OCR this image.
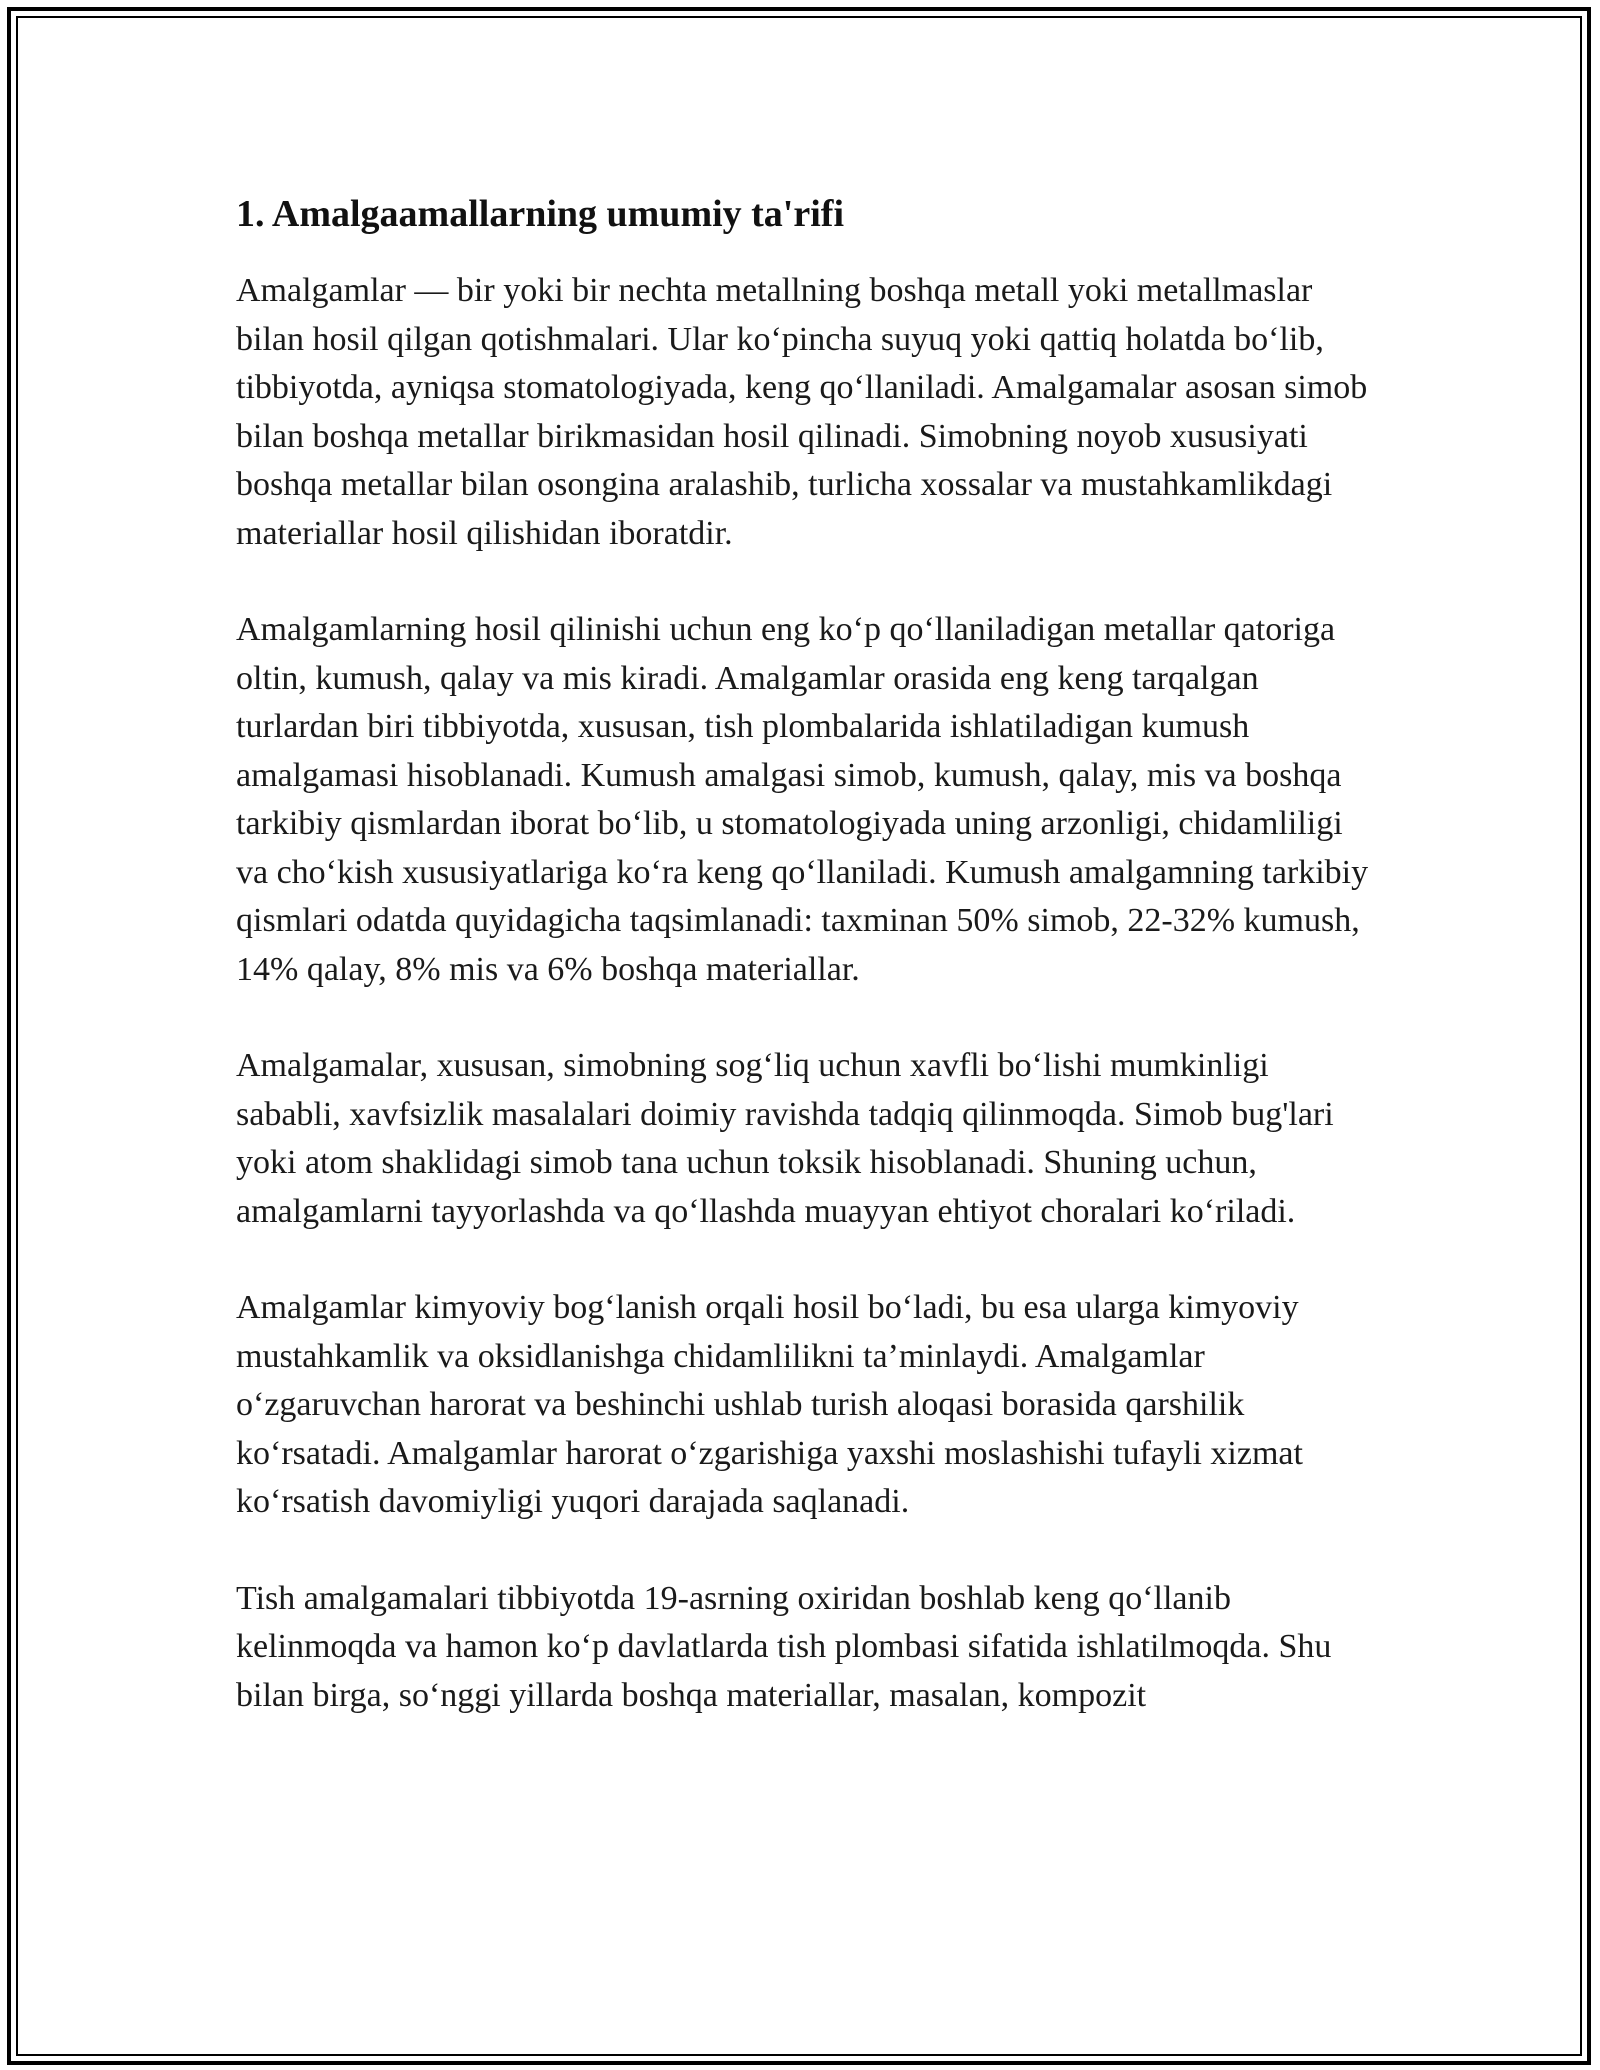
1. Amalgaamallarning umumiy ta'rifi

Amalgamlar — bir yoki bir nechta metallning boshqa metall yoki metallmaslar bilan hosil qilgan qotishmalari. Ular ko‘pincha suyuq yoki qattiq holatda bo‘lib, tibbiyotda, ayniqsa stomatologiyada, keng qo‘llaniladi. Amalgamalar asosan simob bilan boshqa metallar birikmasidan hosil qilinadi. Simobning noyob xususiyati boshqa metallar bilan osongina aralashib, turlicha xossalar va mustahkamlikdagi materiallar hosil qilishidan iboratdir.

Amalgamlarning hosil qilinishi uchun eng ko‘p qo‘llaniladigan metallar qatoriga oltin, kumush, qalay va mis kiradi. Amalgamlar orasida eng keng tarqalgan turlardan biri tibbiyotda, xususan, tish plombalarida ishlatiladigan kumush amalgamasi hisoblanadi. Kumush amalgasi simob, kumush, qalay, mis va boshqa tarkibiy qismlardan iborat bo‘lib, u stomatologiyada uning arzonligi, chidamliligi va cho‘kish xususiyatlariga ko‘ra keng qo‘llaniladi. Kumush amalgamning tarkibiy qismlari odatda quyidagicha taqsimlanadi: taxminan 50% simob, 22-32% kumush, 14% qalay, 8% mis va 6% boshqa materiallar.

Amalgamalar, xususan, simobning sog‘liq uchun xavfli bo‘lishi mumkinligi sababli, xavfsizlik masalalari doimiy ravishda tadqiq qilinmoqda. Simob bug'lari yoki atom shaklidagi simob tana uchun toksik hisoblanadi. Shuning uchun, amalgamlarni tayyorlashda va qo‘llashda muayyan ehtiyot choralari ko‘riladi.

Amalgamlar kimyoviy bog‘lanish orqali hosil bo‘ladi, bu esa ularga kimyoviy mustahkamlik va oksidlanishga chidamlilikni ta’minlaydi. Amalgamlar o‘zgaruvchan harorat va beshinchi ushlab turish aloqasi borasida qarshilik ko‘rsatadi. Amalgamlar harorat o‘zgarishiga yaxshi moslashishi tufayli xizmat ko‘rsatish davomiyligi yuqori darajada saqlanadi.

Tish amalgamalari tibbiyotda 19-asrning oxiridan boshlab keng qo‘llanib kelinmoqda va hamon ko‘p davlatlarda tish plombasi sifatida ishlatilmoqda. Shu bilan birga, so‘nggi yillarda boshqa materiallar, masalan, kompozit
